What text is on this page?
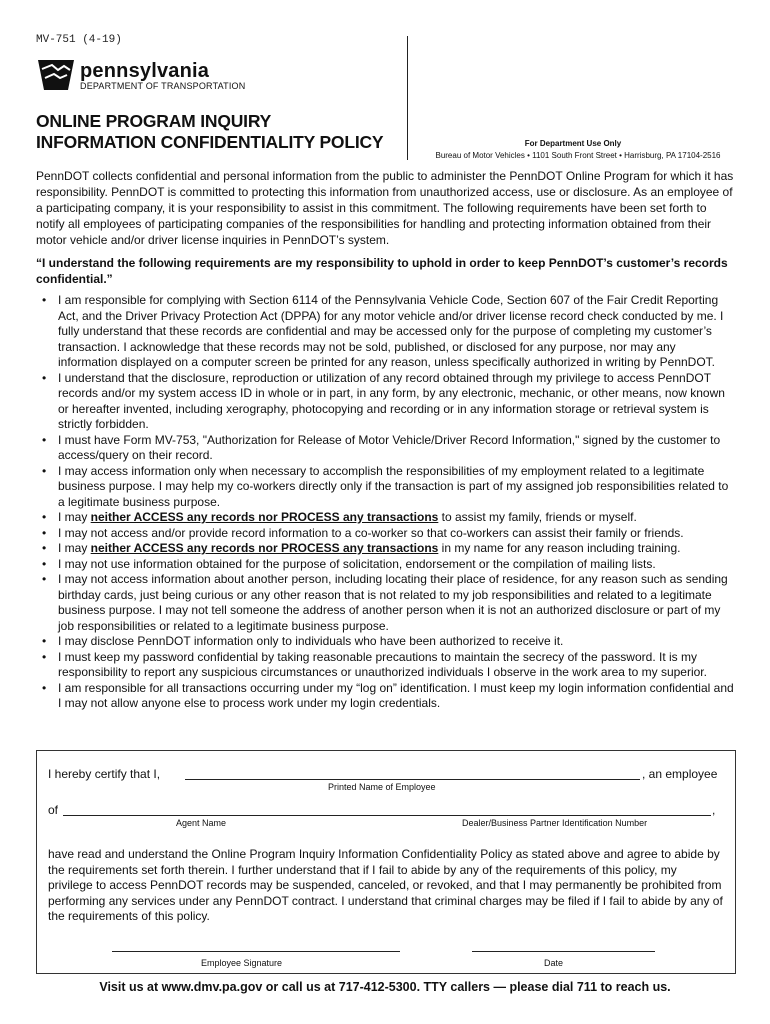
MV-751 (4-19)
pennsylvania
DEPARTMENT OF TRANSPORTATION
ONLINE PROGRAM INQUIRY
INFORMATION CONFIDENTIALITY POLICY	For Department Use Only
Bureau of Motor Vehicles • 1101 South Front Street • Harrisburg, PA 17104-2516
PennDOT collects confidential and personal information from the public to administer the PennDOT Online Program for which it has responsibility. PennDOT is committed to protecting this information from unauthorized access, use or disclosure. As an employee of a participating company, it is your responsibility to assist in this commitment. The following requirements have been set forth to notify all employees of participating companies of the responsibilities for handling and protecting information obtained from their motor vehicle and/or driver license inquiries in PennDOT’s system.
“I understand the following requirements are my responsibility to uphold in order to keep PennDOT’s customer’s records confidential.”
• I am responsible for complying with Section 6114 of the Pennsylvania Vehicle Code, Section 607 of the Fair Credit Reporting Act, and the Driver Privacy Protection Act (DPPA) for any motor vehicle and/or driver license record check conducted by me. I fully understand that these records are confidential and may be accessed only for the purpose of completing my customer’s transaction. I acknowledge that these records may not be sold, published, or disclosed for any purpose, nor may any information displayed on a computer screen be printed for any reason, unless specifically authorized in writing by PennDOT.
• I understand that the disclosure, reproduction or utilization of any record obtained through my privilege to access PennDOT records and/or my system access ID in whole or in part, in any form, by any electronic, mechanic, or other means, now known or hereafter invented, including xerography, photocopying and recording or in any information storage or retrieval system is strictly forbidden.
• I must have Form MV-753, "Authorization for Release of Motor Vehicle/Driver Record Information," signed by the customer to access/query on their record.
• I may access information only when necessary to accomplish the responsibilities of my employment related to a legitimate business purpose. I may help my co-workers directly only if the transaction is part of my assigned job responsibilities related to a legitimate business purpose.
• I may neither ACCESS any records nor PROCESS any transactions to assist my family, friends or myself.
• I may not access and/or provide record information to a co-worker so that co-workers can assist their family or friends.
• I may neither ACCESS any records nor PROCESS any transactions in my name for any reason including training.
• I may not use information obtained for the purpose of solicitation, endorsement or the compilation of mailing lists.
• I may not access information about another person, including locating their place of residence, for any reason such as sending birthday cards, just being curious or any other reason that is not related to my job responsibilities and related to a legitimate business purpose. I may not tell someone the address of another person when it is not an authorized disclosure or part of my job responsibilities or related to a legitimate business purpose.
• I may disclose PennDOT information only to individuals who have been authorized to receive it.
• I must keep my password confidential by taking reasonable precautions to maintain the secrecy of the password. It is my responsibility to report any suspicious circumstances or unauthorized individuals I observe in the work area to my superior.
• I am responsible for all transactions occurring under my “log on” identification. I must keep my login information confidential and I may not allow anyone else to process work under my login credentials.
I hereby certify that I,	, an employee
Printed Name of Employee
of	,
Agent Name	Dealer/Business Partner Identification Number
have read and understand the Online Program Inquiry Information Confidentiality Policy as stated above and agree to abide by the requirements set forth therein. I further understand that if I fail to abide by any of the requirements of this policy, my privilege to access PennDOT records may be suspended, canceled, or revoked, and that I may permanently be prohibited from performing any services under any PennDOT contract. I understand that criminal charges may be filed if I fail to abide by any of the requirements of this policy.
Employee Signature	Date
Visit us at www.dmv.pa.gov or call us at 717-412-5300. TTY callers — please dial 711 to reach us.
